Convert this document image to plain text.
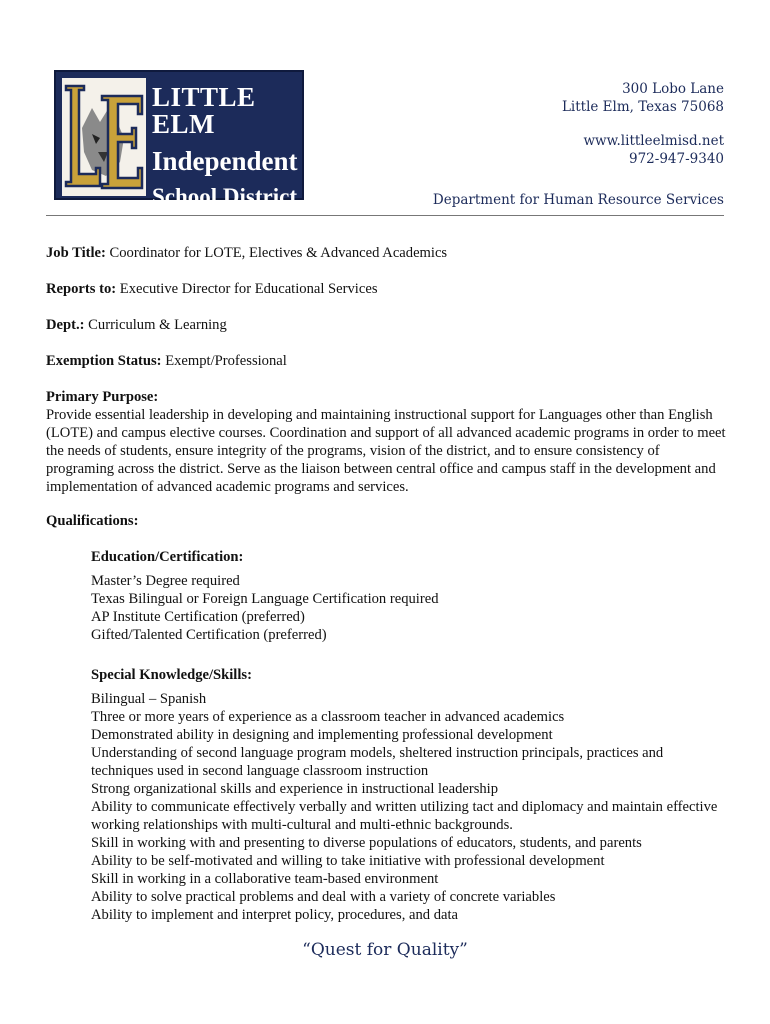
LITTLE ELM
Independent
School District
300 Lobo Lane
Little Elm, Texas 75068
www.littleelmisd.net
972-947-9340
Department for Human Resource Services

Job Title: Coordinator for LOTE, Electives & Advanced Academics

Reports to: Executive Director for Educational Services

Dept.: Curriculum & Learning

Exemption Status: Exempt/Professional

Primary Purpose:

Provide essential leadership in developing and maintaining instructional support for Languages other than English (LOTE) and campus elective courses. Coordination and support of all advanced academic programs in order to meet the needs of students, ensure integrity of the programs, vision of the district, and to ensure consistency of programing across the district. Serve as the liaison between central office and campus staff in the development and implementation of advanced academic programs and services.

Qualifications:

Education/Certification:

Master’s Degree required
Texas Bilingual or Foreign Language Certification required
AP Institute Certification (preferred)
Gifted/Talented Certification (preferred)

Special Knowledge/Skills:

Bilingual – Spanish
Three or more years of experience as a classroom teacher in advanced academics
Demonstrated ability in designing and implementing professional development
Understanding of second language program models, sheltered instruction principals, practices and techniques used in second language classroom instruction
Strong organizational skills and experience in instructional leadership
Ability to communicate effectively verbally and written utilizing tact and diplomacy and maintain effective working relationships with multi-cultural and multi-ethnic backgrounds.
Skill in working with and presenting to diverse populations of educators, students, and parents
Ability to be self-motivated and willing to take initiative with professional development
Skill in working in a collaborative team-based environment
Ability to solve practical problems and deal with a variety of concrete variables
Ability to implement and interpret policy, procedures, and data
“Quest for Quality”
